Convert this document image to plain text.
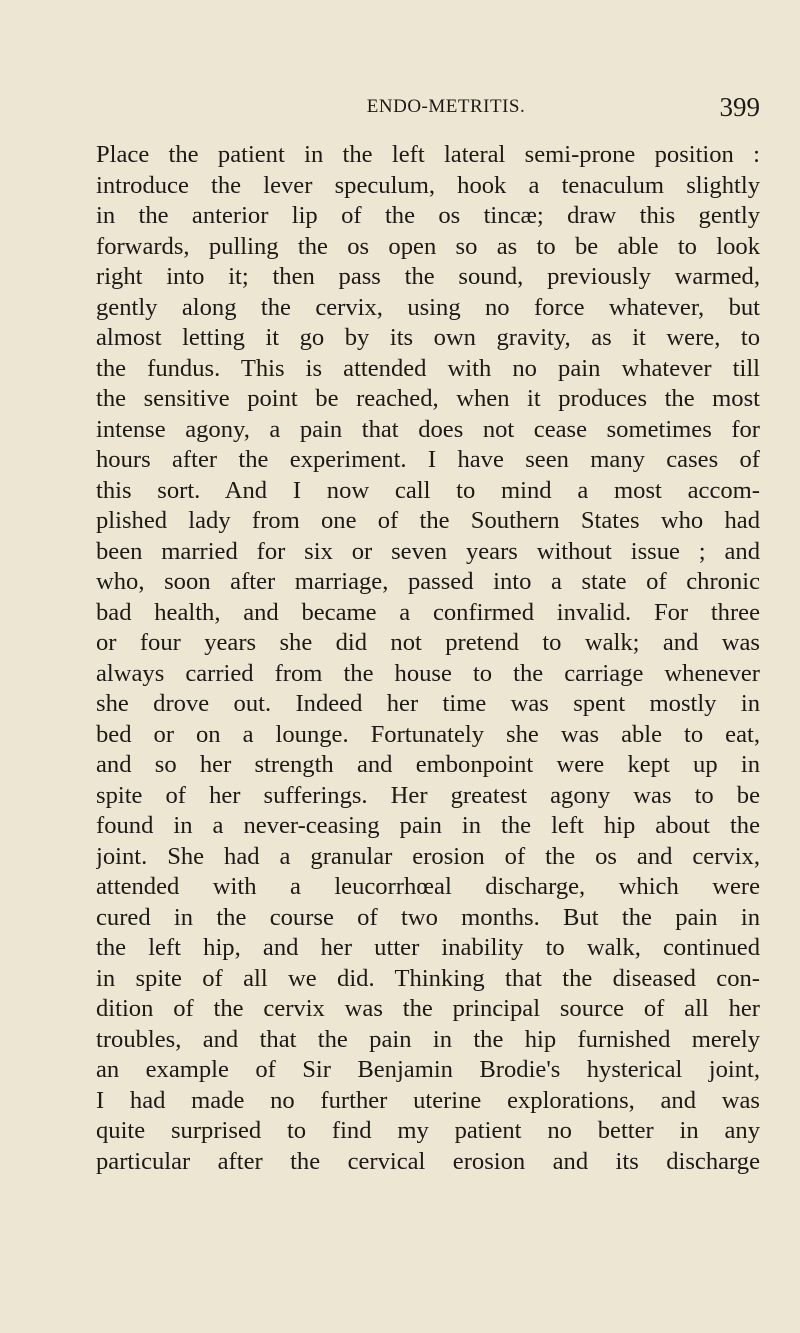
ENDO-METRITIS.	399
Place the patient in the left lateral semi-prone position :
introduce the lever speculum, hook a tenaculum slightly
in the anterior lip of the os tincæ; draw this gently
forwards, pulling the os open so as to be able to look
right into it; then pass the sound, previously warmed,
gently along the cervix, using no force whatever, but
almost letting it go by its own gravity, as it were, to
the fundus. This is attended with no pain whatever till
the sensitive point be reached, when it produces the most
intense agony, a pain that does not cease sometimes for
hours after the experiment. I have seen many cases of
this sort. And I now call to mind a most accom-
plished lady from one of the Southern States who had
been married for six or seven years without issue ; and
who, soon after marriage, passed into a state of chronic
bad health, and became a confirmed invalid. For three
or four years she did not pretend to walk; and was
always carried from the house to the carriage whenever
she drove out. Indeed her time was spent mostly in
bed or on a lounge. Fortunately she was able to eat,
and so her strength and embonpoint were kept up in
spite of her sufferings. Her greatest agony was to be
found in a never-ceasing pain in the left hip about the
joint. She had a granular erosion of the os and cervix,
attended with a leucorrhœal discharge, which were
cured in the course of two months. But the pain in
the left hip, and her utter inability to walk, continued
in spite of all we did. Thinking that the diseased con-
dition of the cervix was the principal source of all her
troubles, and that the pain in the hip furnished merely
an example of Sir Benjamin Brodie's hysterical joint,
I had made no further uterine explorations, and was
quite surprised to find my patient no better in any
particular after the cervical erosion and its discharge
